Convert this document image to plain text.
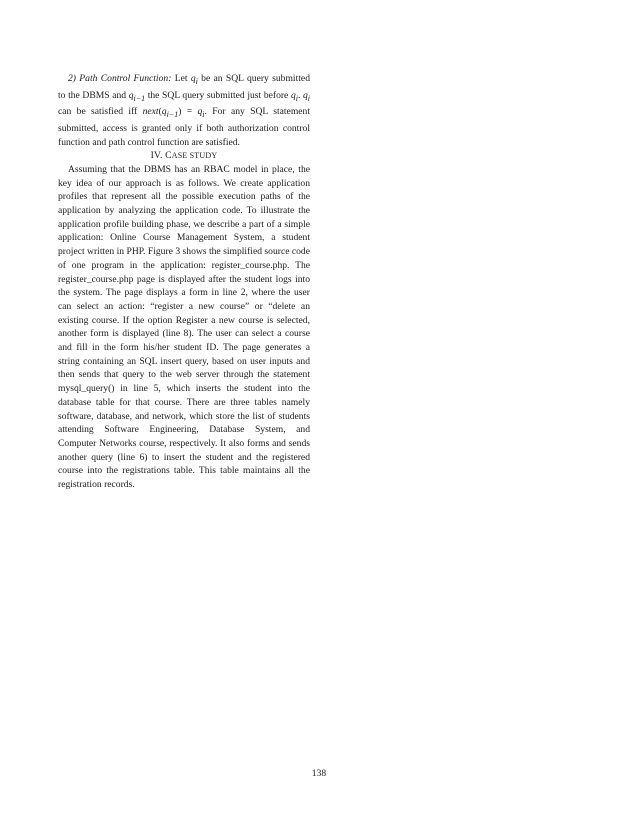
2) Path Control Function: Let $q_i$ be an SQL query submitted to the DBMS and $q_{i-1}$ the SQL query submitted just before $q_i$. $q_i$ can be satisfied iff $next(q_{i-1}) = q_i$. For any SQL statement submitted, access is granted only if both authorization control function and path control function are satisfied.

IV. CASE STUDY

Assuming that the DBMS has an RBAC model in place, the key idea of our approach is as follows. We create application profiles that represent all the possible execution paths of the application by analyzing the application code. To illustrate the application profile building phase, we describe a part of a simple application: Online Course Management System, a student project written in PHP. Figure 3 shows the simplified source code of one program in the application: register_course.php. The register_course.php page is displayed after the student logs into the system. The page displays a form in line 2, where the user can select an action: “register a new course” or “delete an existing course. If the option Register a new course is selected, another form is displayed (line 8). The user can select a course and fill in the form his/her student ID. The page generates a string containing an SQL insert query, based on user inputs and then sends that query to the web server through the statement mysql_query() in line 5, which inserts the student into the database table for that course. There are three tables namely software, database, and network, which store the list of students attending Software Engineering, Database System, and Computer Networks course, respectively. It also forms and sends another query (line 6) to insert the student and the registered course into the registrations table. This table maintains all the registration records.

138
